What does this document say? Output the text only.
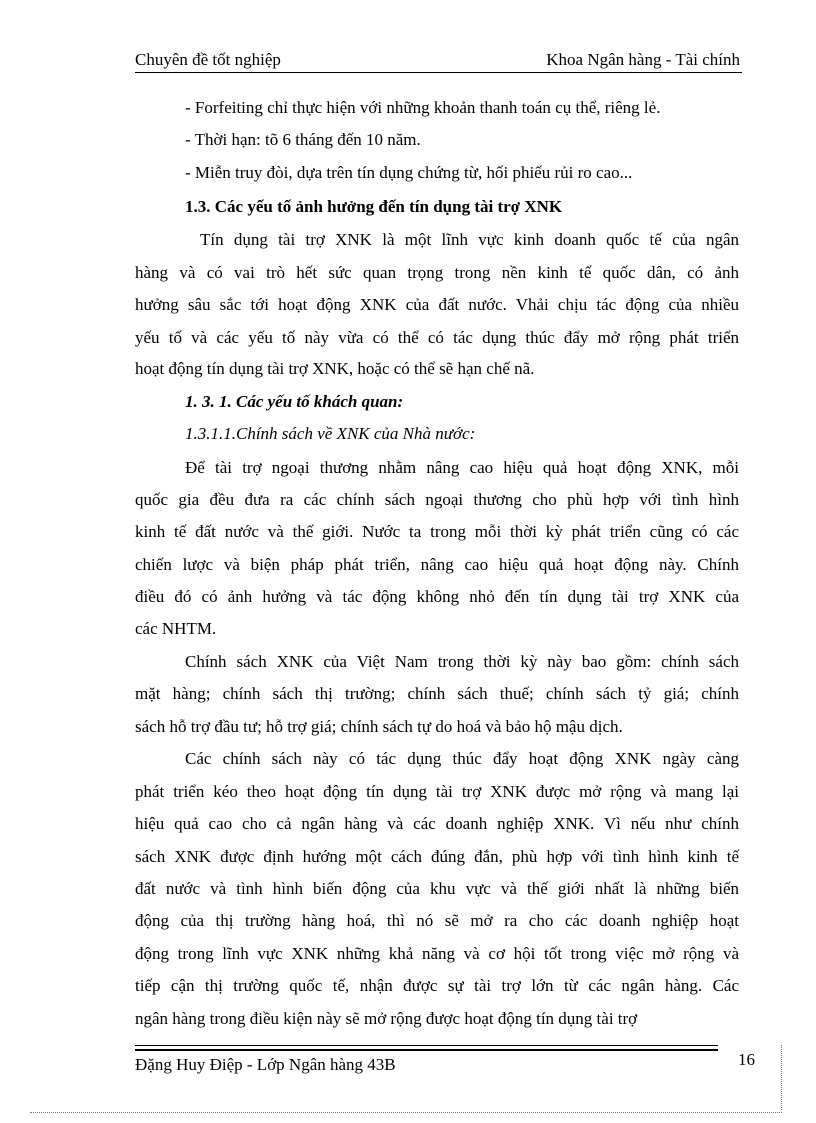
Chuyên đề tốt nghiệp	Khoa Ngân hàng - Tài chính
- Forfeiting chỉ thực hiện với những khoản thanh toán cụ thể, riêng lẻ.
- Thời hạn: tõ 6 tháng đến 10 năm.
- Miễn truy đòi, dựa trên tín dụng chứng từ, hối phiếu rủi ro cao...
1.3. Các yếu tố ảnh hưởng đến tín dụng tài trợ XNK
Tín dụng tài trợ XNK là một lĩnh vực kinh doanh quốc tế của ngân
hàng và có vai trò hết sức quan trọng trong nền kinh tế quốc dân, có ảnh
hưởng sâu sắc tới hoạt động XNK của đất nước. Vhải chịu tác động của nhiều
yếu tố và các yếu tố này vừa có thể có tác dụng thúc đẩy mở rộng phát triển
hoạt động tín dụng tài trợ XNK, hoặc có thể sẽ hạn chế nã.
1. 3. 1. Các yếu tố khách quan:
1.3.1.1.Chính sách về XNK của Nhà nước:
Để tài trợ ngoại thương nhằm nâng cao hiệu quả hoạt động XNK, mỗi
quốc gia đều đưa ra các chính sách ngoại thương cho phù hợp với tình hình
kinh tế đất nước và thế giới. Nước ta trong mỗi thời kỳ phát triển cũng có các
chiến lược và biện pháp phát triển, nâng cao hiệu quả hoạt động này. Chính
điều đó có ảnh hưởng và tác động không nhỏ đến tín dụng tài trợ XNK của
các NHTM.
Chính sách XNK của Việt Nam trong thời kỳ này bao gồm: chính sách
mặt hàng; chính sách thị trường; chính sách thuế; chính sách tỷ giá; chính
sách hỗ trợ đầu tư; hỗ trợ giá; chính sách tự do hoá và bảo hộ mậu dịch.
Các chính sách này có tác dụng thúc đẩy hoạt động XNK ngày càng
phát triển kéo theo hoạt động tín dụng tài trợ XNK được mở rộng và mang lại
hiệu quả cao cho cả ngân hàng và các doanh nghiệp XNK. Vì nếu như chính
sách XNK được định hướng một cách đúng đắn, phù hợp với tình hình kinh tế
đất nước và tình hình biến động của khu vực và thế giới nhất là những biến
động của thị trường hàng hoá, thì nó sẽ mở ra cho các doanh nghiệp hoạt
động trong lĩnh vực XNK những khả năng và cơ hội tốt trong việc mở rộng và
tiếp cận thị trường quốc tế, nhận được sự tài trợ lớn từ các ngân hàng. Các
ngân hàng trong điều kiện này sẽ mở rộng được hoạt động tín dụng tài trợ
Đặng Huy Điệp - Lớp Ngân hàng 43B	16
